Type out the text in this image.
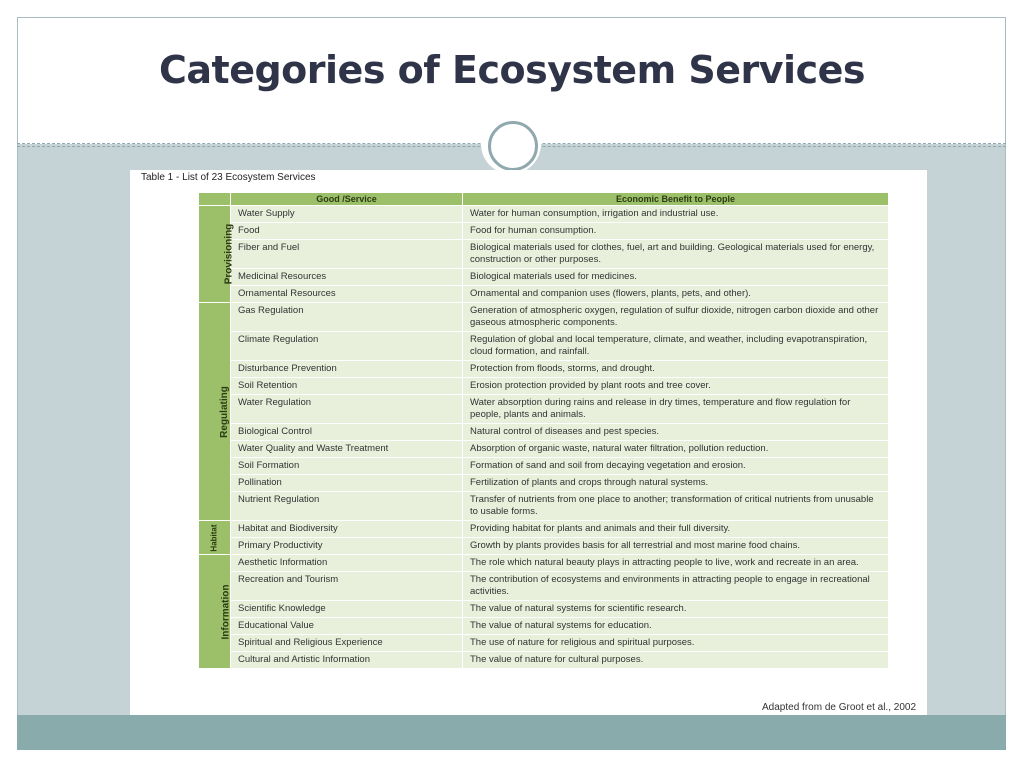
Categories of Ecosystem Services
Table 1 - List of 23 Ecosystem Services
	Good /Service	Economic Benefit to People
Provisioning	Water Supply	Water for human consumption, irrigation and industrial use.
	Food	Food for human consumption.
	Fiber and Fuel	Biological materials used for clothes, fuel, art and building. Geological materials used for energy, construction or other purposes.
	Medicinal Resources	Biological materials used for medicines.
	Ornamental Resources	Ornamental and companion uses (flowers, plants, pets, and other).
Regulating	Gas Regulation	Generation of atmospheric oxygen, regulation of sulfur dioxide, nitrogen carbon dioxide and other gaseous atmospheric components.
	Climate Regulation	Regulation of global and local temperature, climate, and weather, including evapotranspiration, cloud formation, and rainfall.
	Disturbance Prevention	Protection from floods, storms, and drought.
	Soil Retention	Erosion protection provided by plant roots and tree cover.
	Water Regulation	Water absorption during rains and release in dry times, temperature and flow regulation for people, plants and animals.
	Biological Control	Natural control of diseases and pest species.
	Water Quality and Waste Treatment	Absorption of organic waste, natural water filtration, pollution reduction.
	Soil Formation	Formation of sand and soil from decaying vegetation and erosion.
	Pollination	Fertilization of plants and crops through natural systems.
	Nutrient Regulation	Transfer of nutrients from one place to another; transformation of critical nutrients from unusable to usable forms.
Habitat	Habitat and Biodiversity	Providing habitat for plants and animals and their full diversity.
	Primary Productivity	Growth by plants provides basis for all terrestrial and most marine food chains.
Information	Aesthetic Information	The role which natural beauty plays in attracting people to live, work and recreate in an area.
	Recreation and Tourism	The contribution of ecosystems and environments in attracting people to engage in recreational activities.
	Scientific Knowledge	The value of natural systems for scientific research.
	Educational Value	The value of natural systems for education.
	Spiritual and Religious Experience	The use of nature for religious and spiritual purposes.
	Cultural and Artistic Information	The value of nature for cultural purposes.
Adapted from de Groot et al., 2002
